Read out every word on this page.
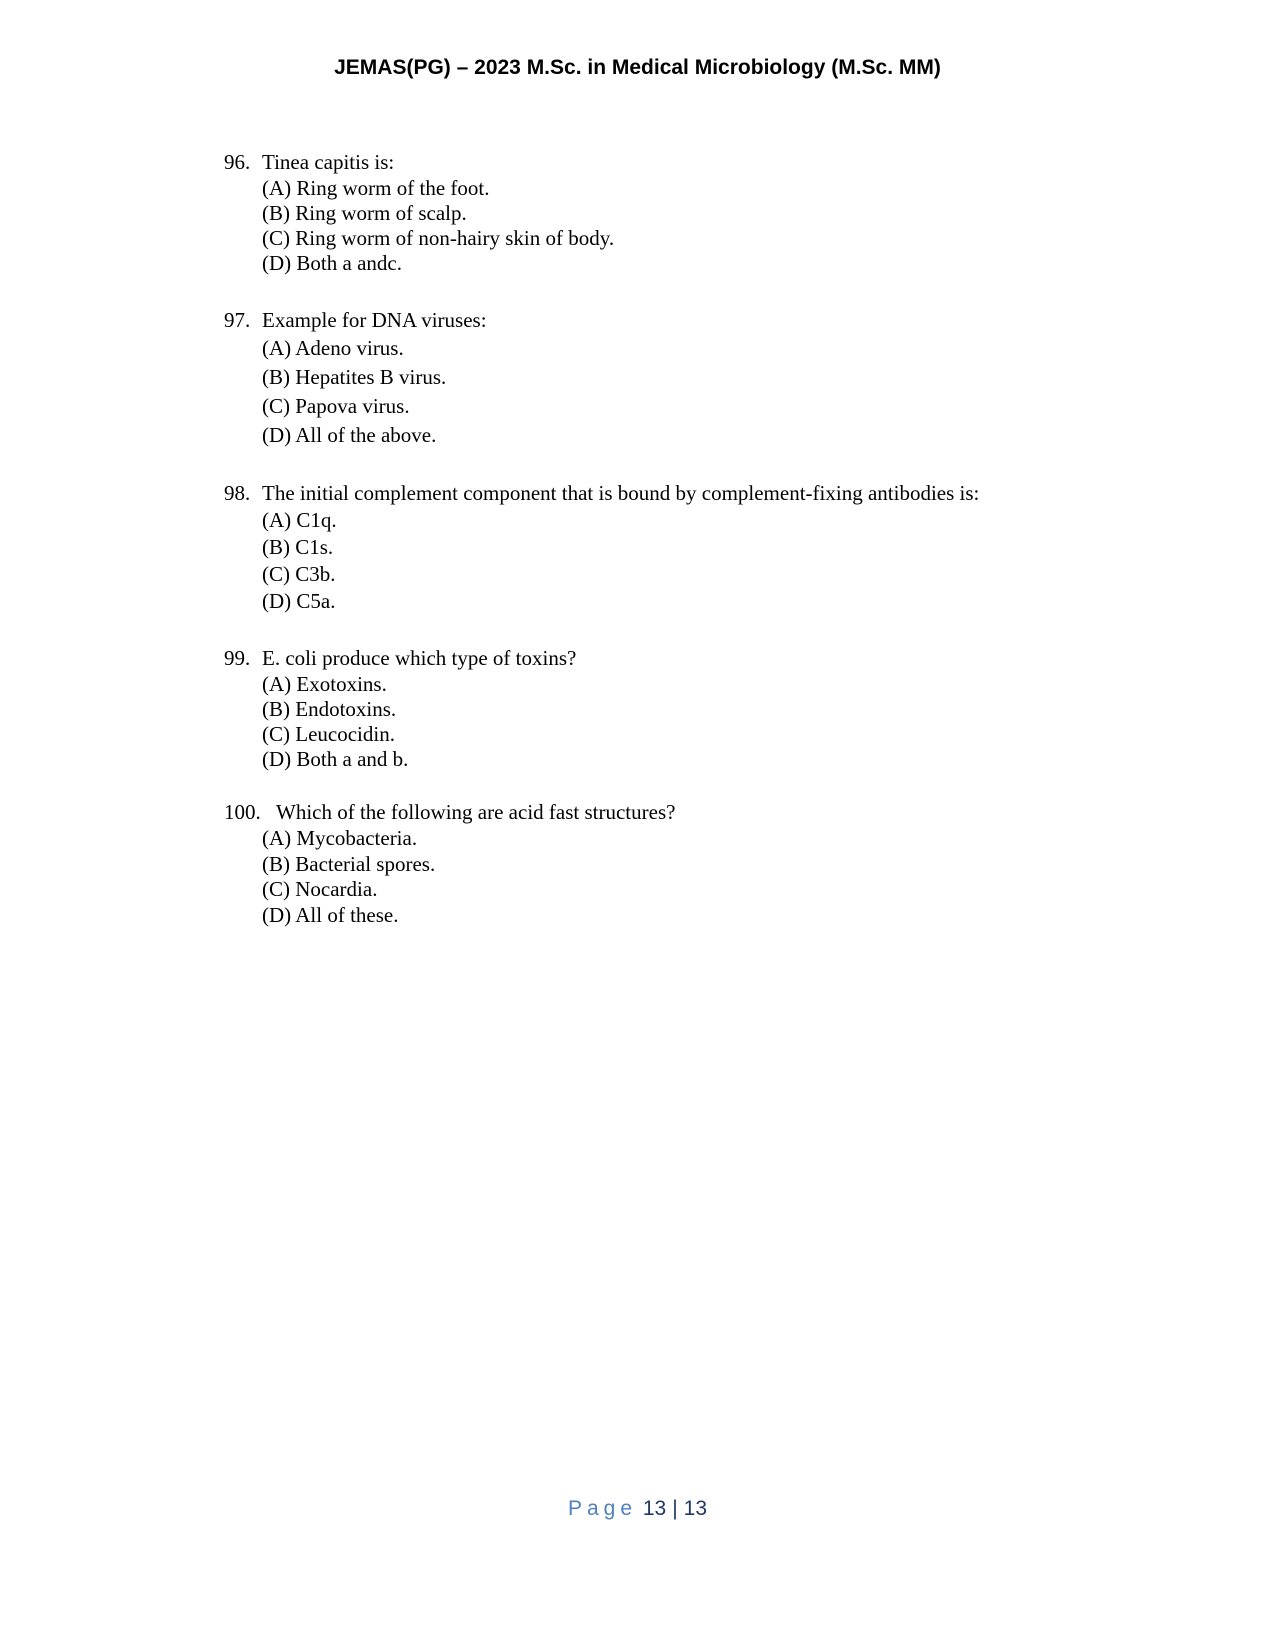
JEMAS(PG) – 2023 M.Sc. in Medical Microbiology (M.Sc. MM)
96. Tinea capitis is:
(A) Ring worm of the foot.
(B) Ring worm of scalp.
(C) Ring worm of non-hairy skin of body.
(D) Both a andc.
97. Example for DNA viruses:
(A) Adeno virus.
(B) Hepatites B virus.
(C) Papova virus.
(D) All of the above.
98. The initial complement component that is bound by complement-fixing antibodies is:
(A) C1q.
(B) C1s.
(C) C3b.
(D) C5a.
99. E. coli produce which type of toxins?
(A) Exotoxins.
(B) Endotoxins.
(C) Leucocidin.
(D) Both a and b.
100. Which of the following are acid fast structures?
(A) Mycobacteria.
(B) Bacterial spores.
(C) Nocardia.
(D) All of these.
Page 13 | 13
